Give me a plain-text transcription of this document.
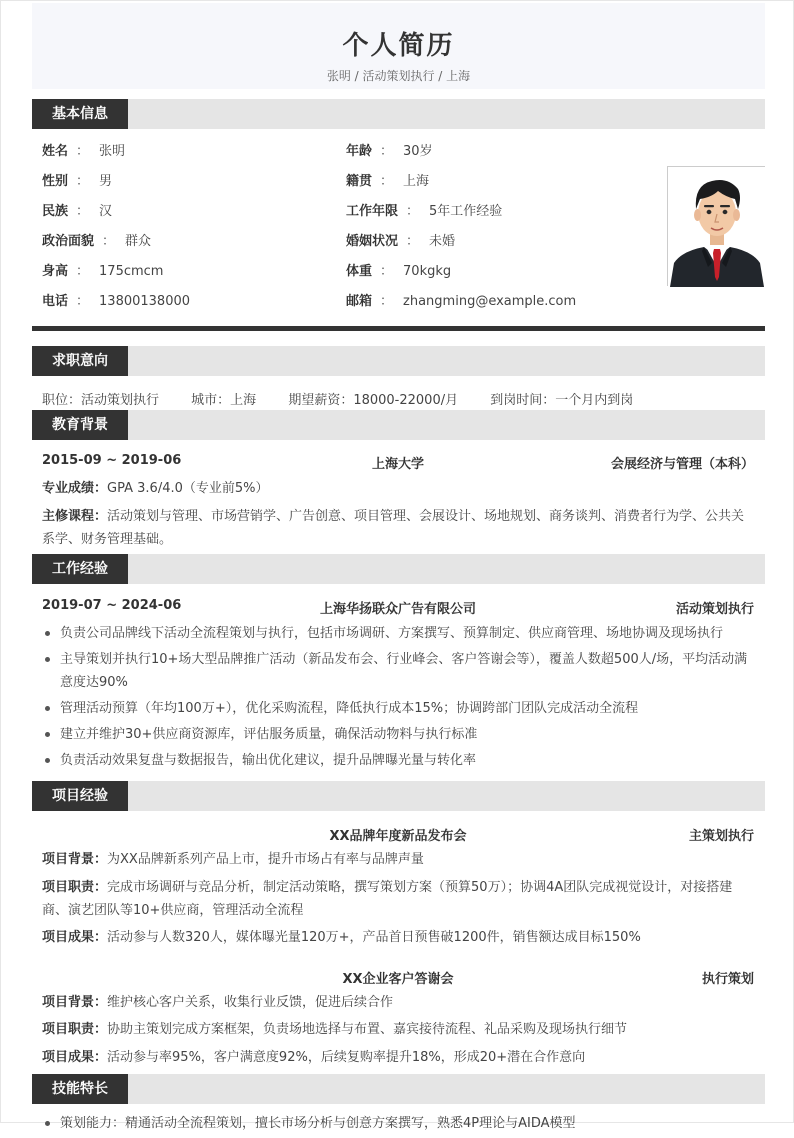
个人简历
张明 / 活动策划执行 / 上海
基本信息
姓名 ： 张明	年龄 ： 30岁
性别 ： 男	籍贯 ： 上海
民族 ： 汉	工作年限 ： 5年工作经验
政治面貌 ： 群众	婚姻状况 ： 未婚
身高 ： 175cmcm	体重 ： 70kgkg
电话 ： 13800138000	邮箱 ： zhangming@example.com
求职意向
职位：活动策划执行 城市：上海 期望薪资：18000-22000/月 到岗时间：一个月内到岗
教育背景
上海大学
2015-09 ~ 2019-06	会展经济与管理（本科）
专业成绩：GPA 3.6/4.0（专业前5%）
主修课程：活动策划与管理、市场营销学、广告创意、项目管理、会展设计、场地规划、商务谈判、消费者行为学、公共关系学、财务管理基础。
工作经验
上海华扬联众广告有限公司
2019-07 ~ 2024-06	活动策划执行
负责公司品牌线下活动全流程策划与执行，包括市场调研、方案撰写、预算制定、供应商管理、场地协调及现场执行
主导策划并执行10+场大型品牌推广活动（新品发布会、行业峰会、客户答谢会等），覆盖人数超500人/场，平均活动满意度达90%
管理活动预算（年均100万+），优化采购流程，降低执行成本15%；协调跨部门团队完成活动全流程
建立并维护30+供应商资源库，评估服务质量，确保活动物料与执行标准
负责活动效果复盘与数据报告，输出优化建议，提升品牌曝光量与转化率
项目经验
XX品牌年度新品发布会	主策划执行
项目背景：为XX品牌新系列产品上市，提升市场占有率与品牌声量
项目职责：完成市场调研与竞品分析，制定活动策略，撰写策划方案（预算50万）；协调4A团队完成视觉设计，对接搭建商、演艺团队等10+供应商，管理活动全流程
项目成果：活动参与人数320人，媒体曝光量120万+，产品首日预售破1200件，销售额达成目标150%
XX企业客户答谢会	执行策划
项目背景：维护核心客户关系，收集行业反馈，促进后续合作
项目职责：协助主策划完成方案框架，负责场地选择与布置、嘉宾接待流程、礼品采购及现场执行细节
项目成果：活动参与率95%，客户满意度92%，后续复购率提升18%，形成20+潜在合作意向
技能特长
策划能力：精通活动全流程策划，擅长市场分析与创意方案撰写，熟悉4P理论与AIDA模型
